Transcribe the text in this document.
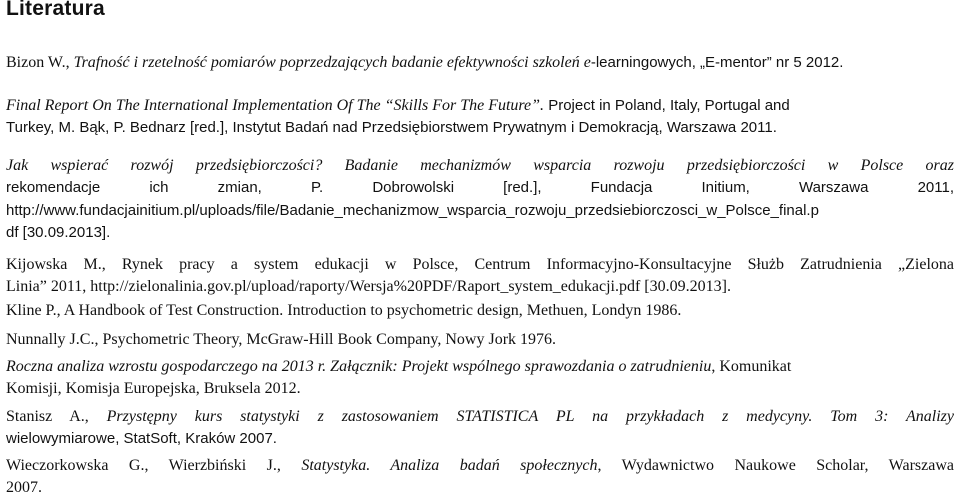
Literatura
Bizon W., Trafność i rzetelność pomiarów poprzedzających badanie efektywności szkoleń e-learningowych, „E-mentor” nr 5 2012.
Final Report On The International Implementation Of The “Skills For The Future”. Project in Poland, Italy, Portugal and
Turkey, M. Bąk, P. Bednarz [red.], Instytut Badań nad Przedsiębiorstwem Prywatnym i Demokracją, Warszawa 2011.
Jak wspierać rozwój przedsiębiorczości? Badanie mechanizmów wsparcia rozwoju przedsiębiorczości w Polsce oraz
rekomendacje ich zmian, P. Dobrowolski [red.], Fundacja Initium, Warszawa 2011,
http://www.fundacjainitium.pl/uploads/file/Badanie_mechanizmow_wsparcia_rozwoju_przedsiebiorczosci_w_Polsce_final.p
df [30.09.2013].
Kijowska M., Rynek pracy a system edukacji w Polsce, Centrum Informacyjno-Konsultacyjne Służb Zatrudnienia „Zielona
Linia” 2011, http://zielonalinia.gov.pl/upload/raporty/Wersja%20PDF/Raport_system_edukacji.pdf [30.09.2013].
Kline P., A Handbook of Test Construction. Introduction to psychometric design, Methuen, Londyn 1986.
Nunnally J.C., Psychometric Theory, McGraw-Hill Book Company, Nowy Jork 1976.
Roczna analiza wzrostu gospodarczego na 2013 r. Załącznik: Projekt wspólnego sprawozdania o zatrudnieniu, Komunikat
Komisji, Komisja Europejska, Bruksela 2012.
Stanisz A., Przystępny kurs statystyki z zastosowaniem STATISTICA PL na przykładach z medycyny. Tom 3: Analizy
wielowymiarowe, StatSoft, Kraków 2007.
Wieczorkowska G., Wierzbiński J., Statystyka. Analiza badań społecznych, Wydawnictwo Naukowe Scholar, Warszawa
2007.
